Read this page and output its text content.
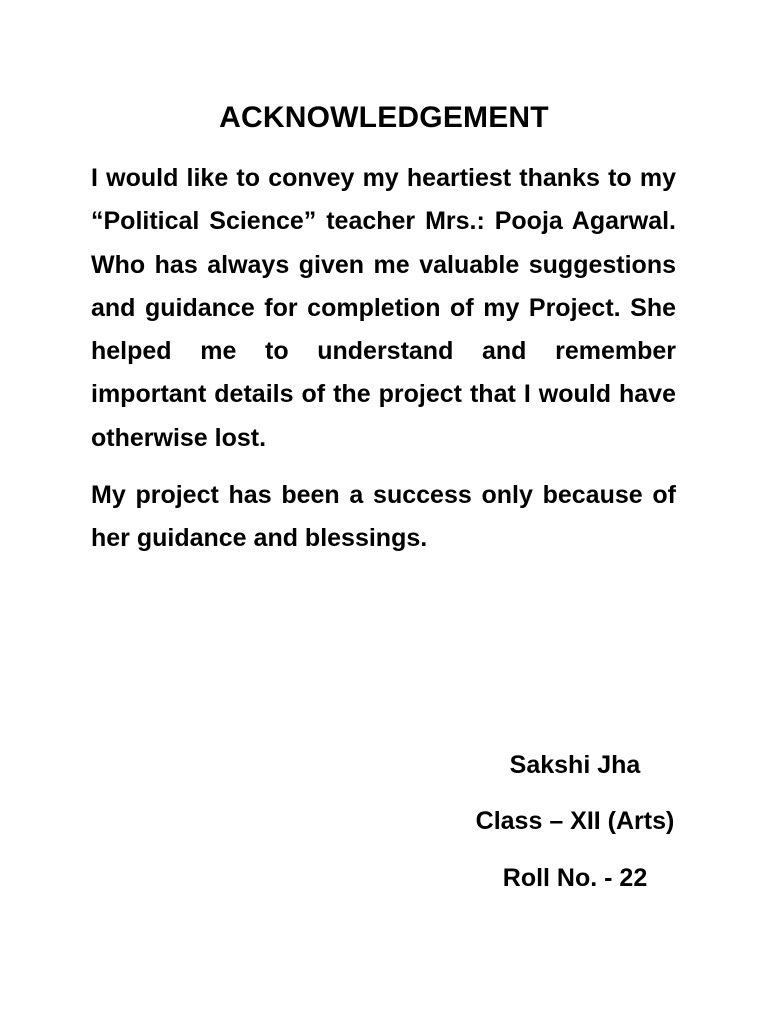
ACKNOWLEDGEMENT

I would like to convey my heartiest thanks to my “Political Science” teacher Mrs.: Pooja Agarwal. Who has always given me valuable suggestions and guidance for completion of my Project. She helped me to understand and remember important details of the project that I would have otherwise lost.

My project has been a success only because of her guidance and blessings.

Sakshi Jha
Class – XII (Arts)
Roll No. - 22
